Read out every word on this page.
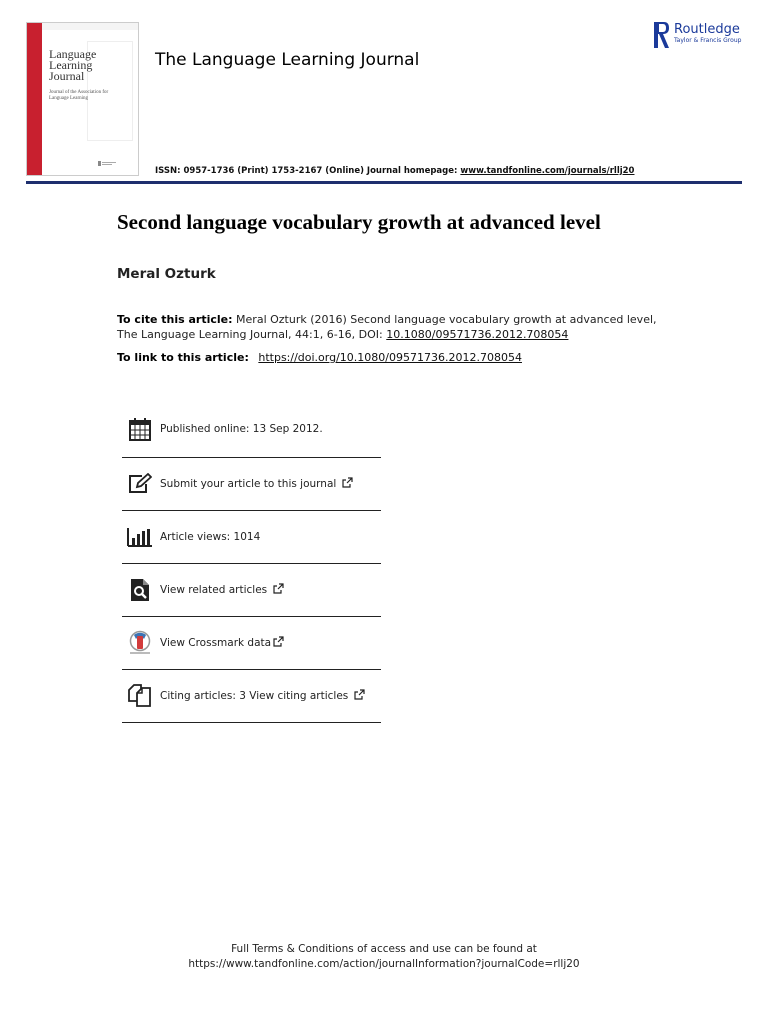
Language
Learning
Journal
Journal of the Association for Language Learning
The Language Learning Journal
Routledge
Taylor & Francis Group
ISSN: 0957-1736 (Print) 1753-2167 (Online) Journal homepage: www.tandfonline.com/journals/rllj20
Second language vocabulary growth at advanced level
Meral Ozturk
To cite this article: Meral Ozturk (2016) Second language vocabulary growth at advanced level, The Language Learning Journal, 44:1, 6-16, DOI: 10.1080/09571736.2012.708054
To link to this article: https://doi.org/10.1080/09571736.2012.708054
Published online: 13 Sep 2012.
Submit your article to this journal
Article views: 1014
View related articles
View Crossmark data
Citing articles: 3 View citing articles
Full Terms & Conditions of access and use can be found at
https://www.tandfonline.com/action/journalInformation?journalCode=rllj20
